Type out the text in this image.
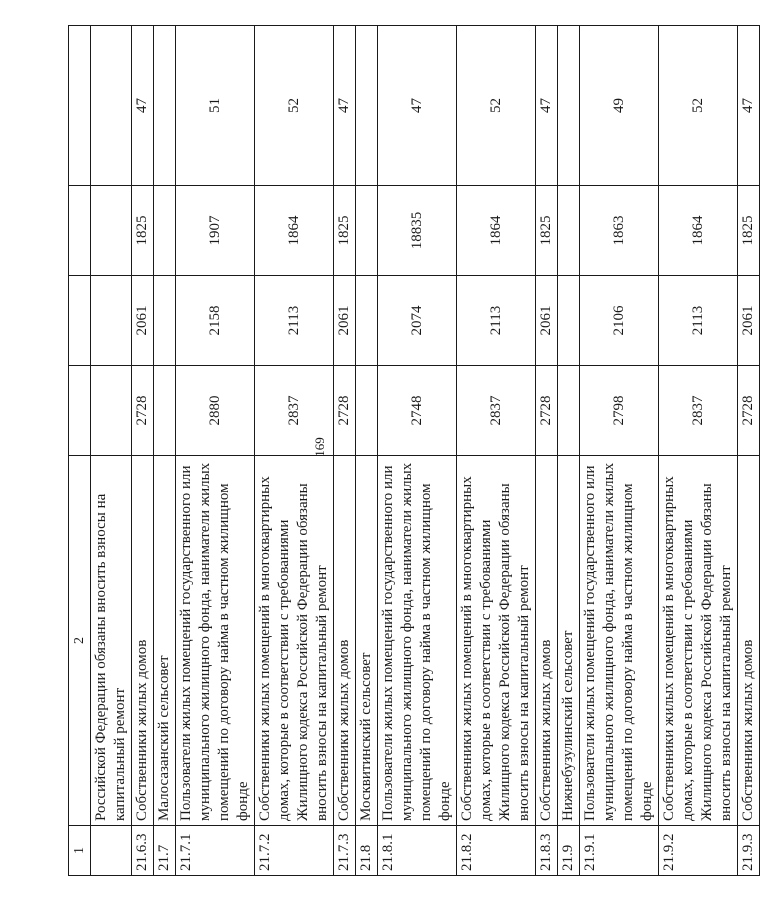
169
1	2				
	Российской Федерации обязаны вносить взносы на капитальный ремонт				
21.6.3	Собственники жилых домов	2728	2061	1825	47
21.7	Малосазанский сельсовет				
21.7.1	Пользователи жилых помещений государственного или муниципального жилищного фонда, наниматели жилых помещений по договору найма в частном жилищном фонде	2880	2158	1907	51
21.7.2	Собственники жилых помещений в многоквартирных домах, которые в соответствии с требованиями Жилищного кодекса Российской Федерации обязаны вносить взносы на капитальный ремонт	2837	2113	1864	52
21.7.3	Собственники жилых домов	2728	2061	1825	47
21.8	Москвитинский сельсовет				
21.8.1	Пользователи жилых помещений государственного или муниципального жилищного фонда, наниматели жилых помещений по договору найма в частном жилищном фонде	2748	2074	18835	47
21.8.2	Собственники жилых помещений в многоквартирных домах, которые в соответствии с требованиями Жилищного кодекса Российской Федерации обязаны вносить взносы на капитальный ремонт	2837	2113	1864	52
21.8.3	Собственники жилых домов	2728	2061	1825	47
21.9	Нижнебузулинский сельсовет				
21.9.1	Пользователи жилых помещений государственного или муниципального жилищного фонда, наниматели жилых помещений по договору найма в частном жилищном фонде	2798	2106	1863	49
21.9.2	Собственники жилых помещений в многоквартирных домах, которые в соответствии с требованиями Жилищного кодекса Российской Федерации обязаны вносить взносы на капитальный ремонт	2837	2113	1864	52
21.9.3	Собственники жилых домов	2728	2061	1825	47
